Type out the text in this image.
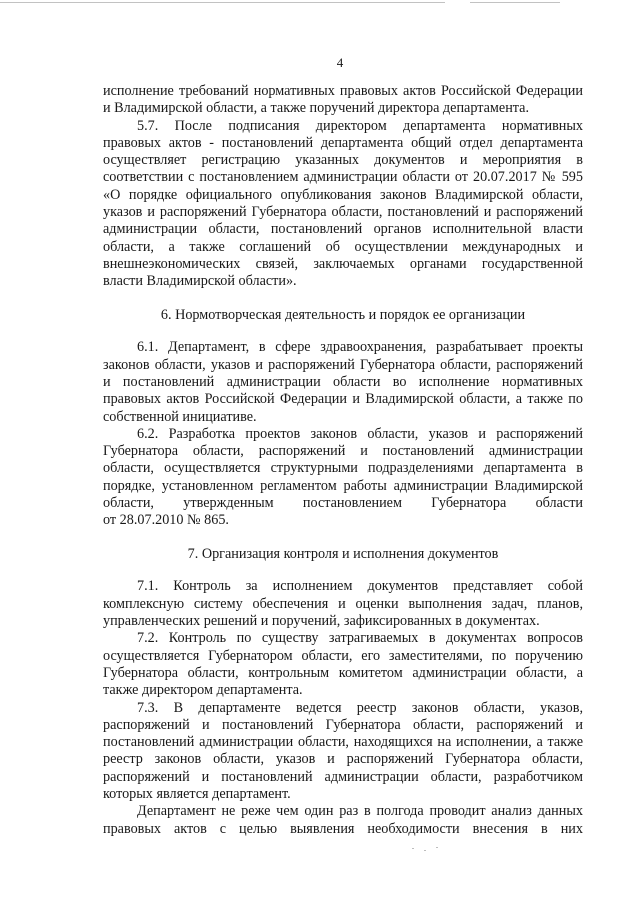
4
исполнение требований нормативных правовых актов Российской Федерации
и Владимирской области, а также поручений директора департамента.
5.7. После подписания директором департамента нормативных
правовых актов - постановлений департамента общий отдел департамента
осуществляет регистрацию указанных документов и мероприятия в
соответствии с постановлением администрации области от 20.07.2017 № 595
«О порядке официального опубликования законов Владимирской области,
указов и распоряжений Губернатора области, постановлений и распоряжений
администрации области, постановлений органов исполнительной власти
области, а также соглашений об осуществлении международных и
внешнеэкономических связей, заключаемых органами государственной
власти Владимирской области».
6. Нормотворческая деятельность и порядок ее организации
6.1. Департамент, в сфере здравоохранения, разрабатывает проекты
законов области, указов и распоряжений Губернатора области, распоряжений
и постановлений администрации области во исполнение нормативных
правовых актов Российской Федерации и Владимирской области, а также по
собственной инициативе.
6.2. Разработка проектов законов области, указов и распоряжений
Губернатора области, распоряжений и постановлений администрации
области, осуществляется структурными подразделениями департамента в
порядке, установленном регламентом работы администрации Владимирской
области, утвержденным постановлением Губернатора области
от 28.07.2010 № 865.
7. Организация контроля и исполнения документов
7.1. Контроль за исполнением документов представляет собой
комплексную систему обеспечения и оценки выполнения задач, планов,
управленческих решений и поручений, зафиксированных в документах.
7.2. Контроль по существу затрагиваемых в документах вопросов
осуществляется Губернатором области, его заместителями, по поручению
Губернатора области, контрольным комитетом администрации области, а
также директором департамента.
7.3. В департаменте ведется реестр законов области, указов,
распоряжений и постановлений Губернатора области, распоряжений и
постановлений администрации области, находящихся на исполнении, а также
реестр законов области, указов и распоряжений Губернатора области,
распоряжений и постановлений администрации области, разработчиком
которых является департамент.
Департамент не реже чем один раз в полгода проводит анализ данных
правовых актов с целью выявления необходимости внесения в них
